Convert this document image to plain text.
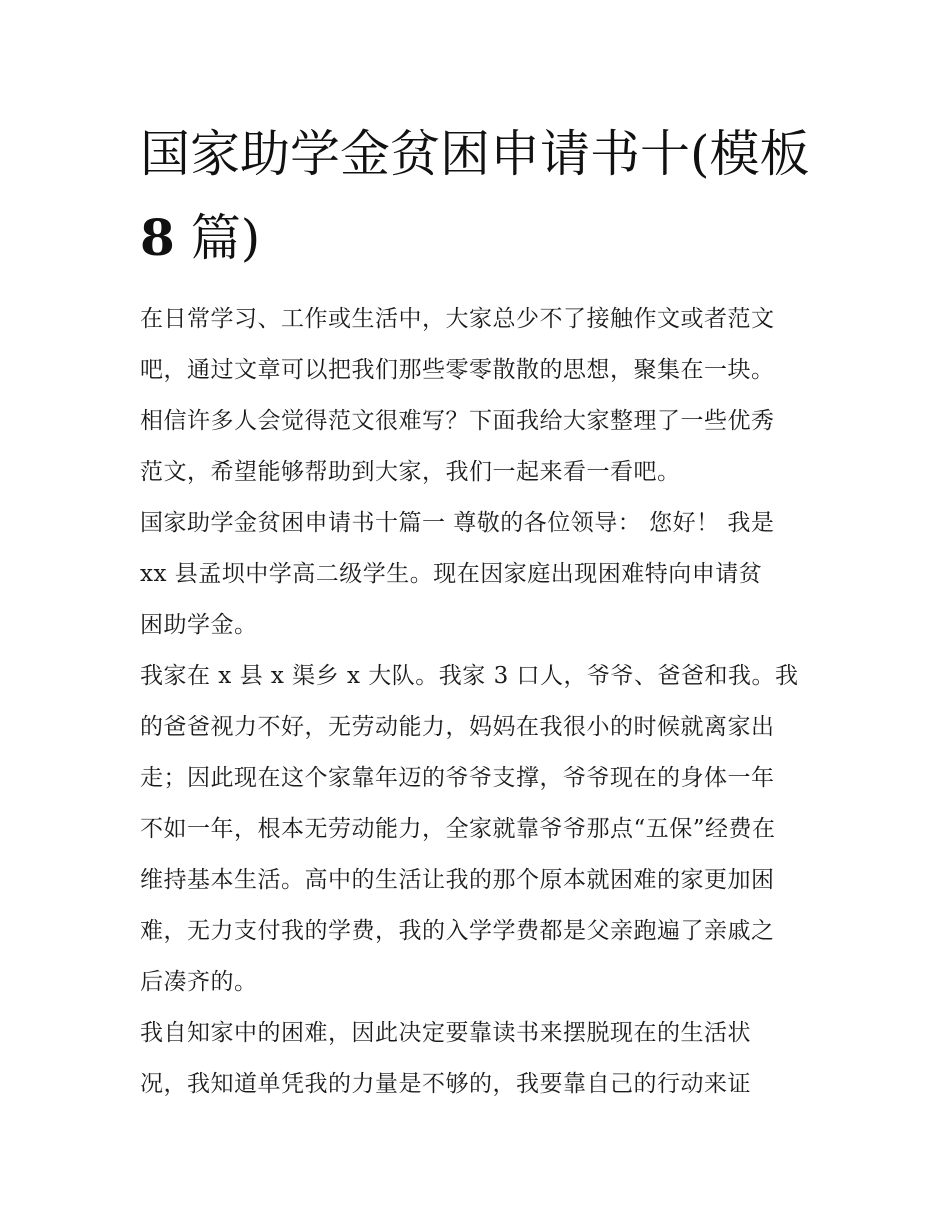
国家助学金贫困申请书十(模板
8 篇)

在日常学习、工作或生活中，大家总少不了接触作文或者范文
吧，通过文章可以把我们那些零零散散的思想，聚集在一块。
相信许多人会觉得范文很难写？下面我给大家整理了一些优秀
范文，希望能够帮助到大家，我们一起来看一看吧。

国家助学金贫困申请书十篇一 尊敬的各位领导： 您好！ 我是
xx 县孟坝中学高二级学生。现在因家庭出现困难特向申请贫
困助学金。

我家在 x 县 x 渠乡 x 大队。我家 3 口人，爷爷、爸爸和我。我
的爸爸视力不好，无劳动能力，妈妈在我很小的时候就离家出
走；因此现在这个家靠年迈的爷爷支撑，爷爷现在的身体一年
不如一年，根本无劳动能力，全家就靠爷爷那点“五保”经费在
维持基本生活。高中的生活让我的那个原本就困难的家更加困
难，无力支付我的学费，我的入学学费都是父亲跑遍了亲戚之
后凑齐的。

我自知家中的困难，因此决定要靠读书来摆脱现在的生活状
况，我知道单凭我的力量是不够的，我要靠自己的行动来证
